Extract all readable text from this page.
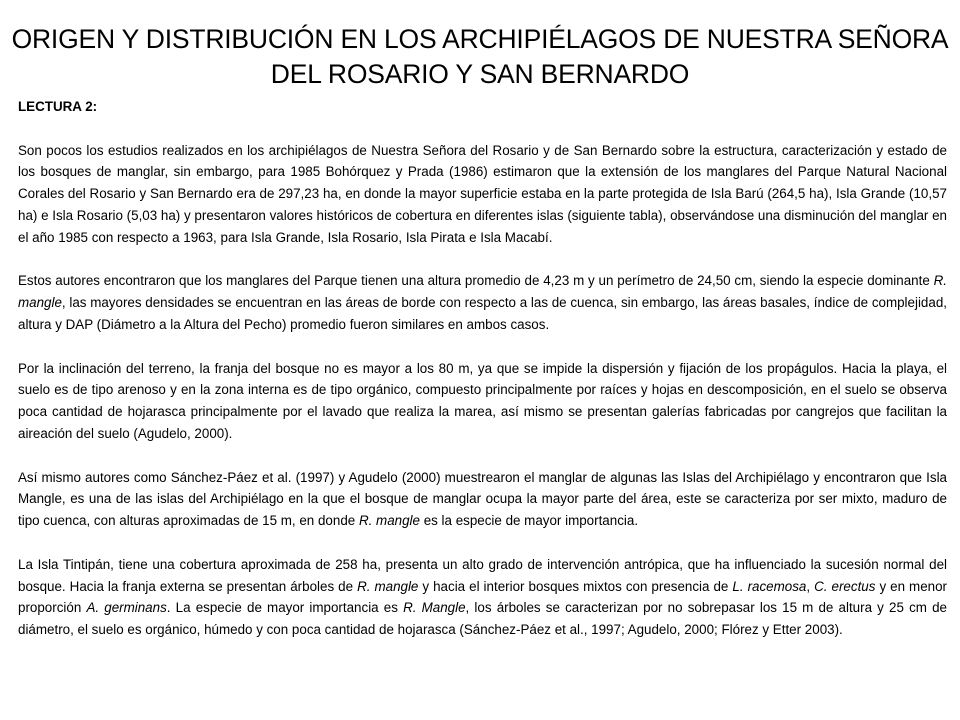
ORIGEN Y DISTRIBUCIÓN EN LOS ARCHIPIÉLAGOS DE NUESTRA SEÑORA
DEL ROSARIO Y SAN BERNARDO
LECTURA 2:

Son pocos los estudios realizados en los archipiélagos de Nuestra Señora del Rosario y de San Bernardo sobre la estructura, caracterización y estado de los bosques de manglar, sin embargo, para 1985 Bohórquez y Prada (1986) estimaron que la extensión de los manglares del Parque Natural Nacional Corales del Rosario y San Bernardo era de 297,23 ha, en donde la mayor superficie estaba en la parte protegida de Isla Barú (264,5 ha), Isla Grande (10,57 ha) e Isla Rosario (5,03 ha) y presentaron valores históricos de cobertura en diferentes islas (siguiente tabla), observándose una disminución del manglar en el año 1985 con respecto a 1963, para Isla Grande, Isla Rosario, Isla Pirata e Isla Macabí.

Estos autores encontraron que los manglares del Parque tienen una altura promedio de 4,23 m y un perímetro de 24,50 cm, siendo la especie dominante R. mangle, las mayores densidades se encuentran en las áreas de borde con respecto a las de cuenca, sin embargo, las áreas basales, índice de complejidad, altura y DAP (Diámetro a la Altura del Pecho) promedio fueron similares en ambos casos.

Por la inclinación del terreno, la franja del bosque no es mayor a los 80 m, ya que se impide la dispersión y fijación de los propágulos. Hacia la playa, el suelo es de tipo arenoso y en la zona interna es de tipo orgánico, compuesto principalmente por raíces y hojas en descomposición, en el suelo se observa poca cantidad de hojarasca principalmente por el lavado que realiza la marea, así mismo se presentan galerías fabricadas por cangrejos que facilitan la aireación del suelo (Agudelo, 2000).

Así mismo autores como Sánchez-Páez et al. (1997) y Agudelo (2000) muestrearon el manglar de algunas las Islas del Archipiélago y encontraron que Isla Mangle, es una de las islas del Archipiélago en la que el bosque de manglar ocupa la mayor parte del área, este se caracteriza por ser mixto, maduro de tipo cuenca, con alturas aproximadas de 15 m, en donde R. mangle es la especie de mayor importancia.

La Isla Tintipán, tiene una cobertura aproximada de 258 ha, presenta un alto grado de intervención antrópica, que ha influenciado la sucesión normal del bosque. Hacia la franja externa se presentan árboles de R. mangle y hacia el interior bosques mixtos con presencia de L. racemosa, C. erectus y en menor proporción A. germinans. La especie de mayor importancia es R. Mangle, los árboles se caracterizan por no sobrepasar los 15 m de altura y 25 cm de diámetro, el suelo es orgánico, húmedo y con poca cantidad de hojarasca (Sánchez-Páez et al., 1997; Agudelo, 2000; Flórez y Etter 2003).
